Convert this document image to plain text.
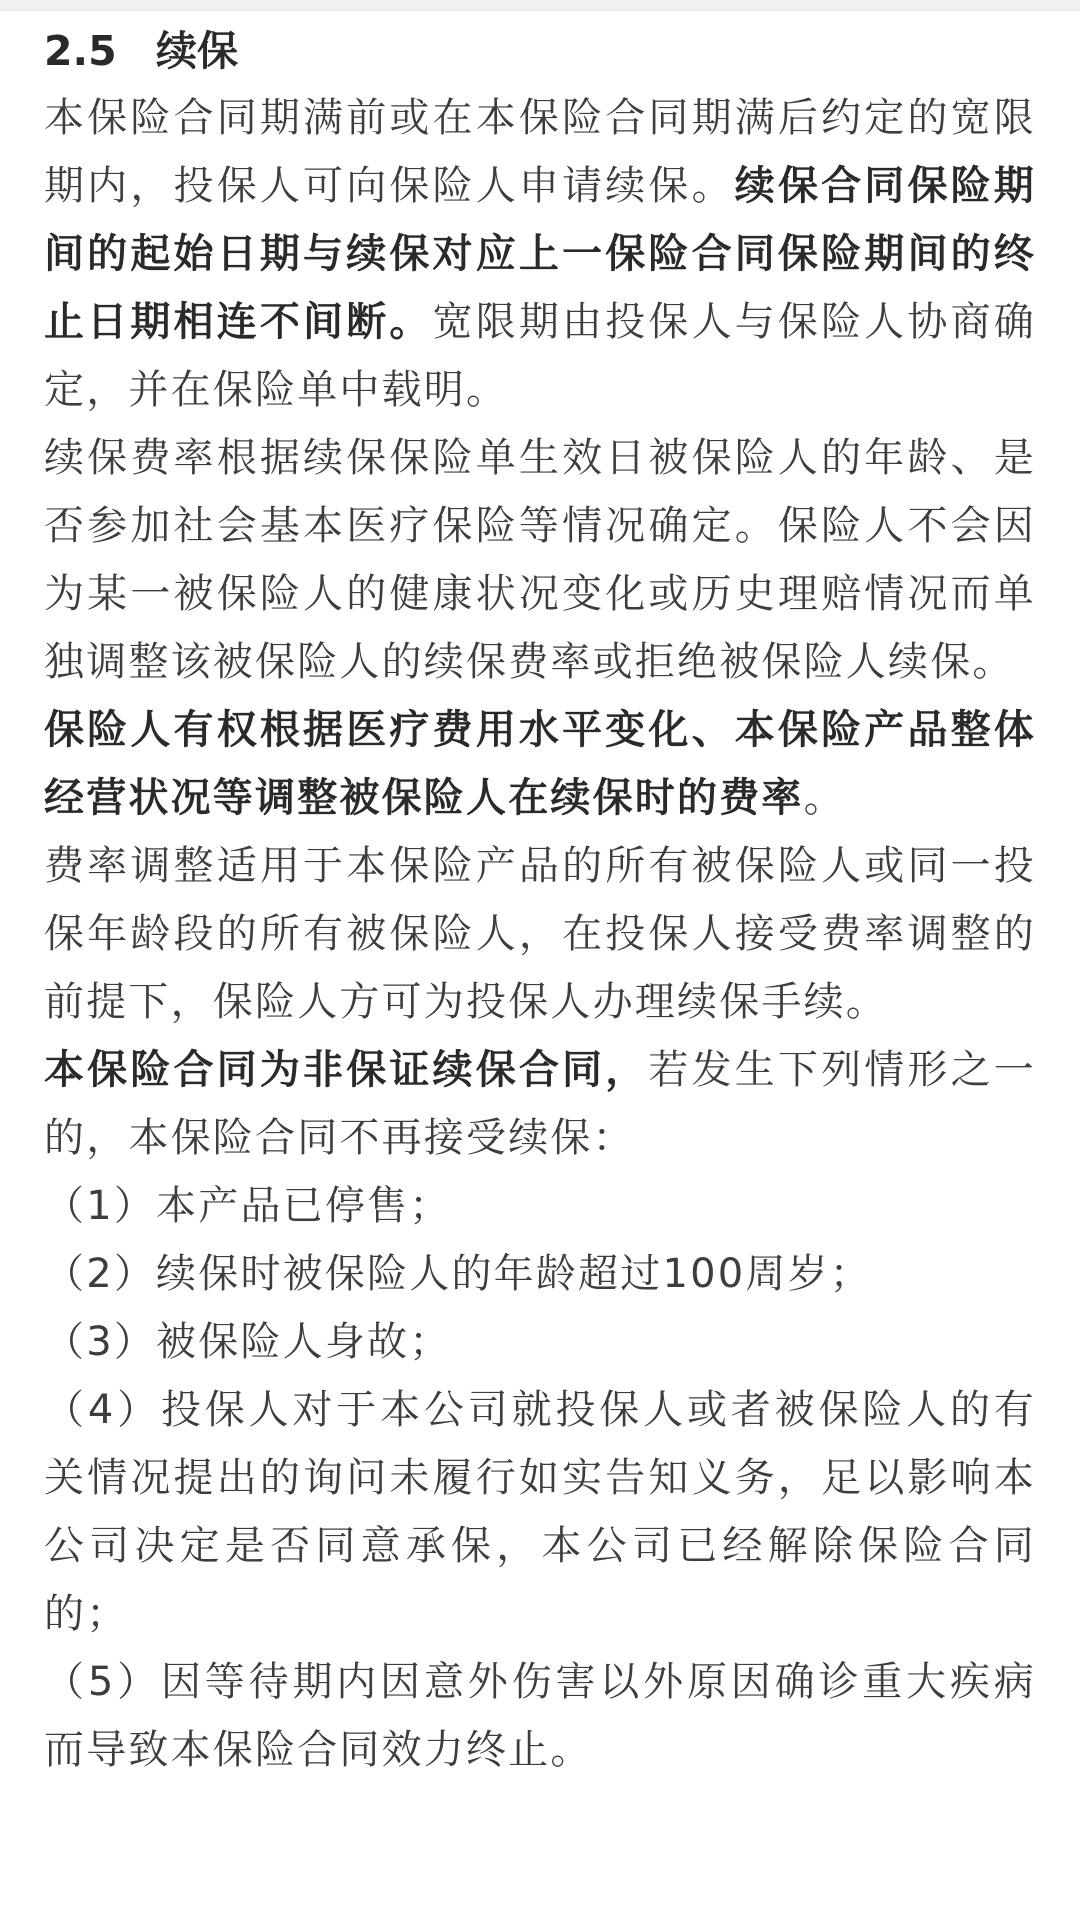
2.5 续保

本保险合同期满前或在本保险合同期满后约定的宽限期内，投保人可向保险人申请续保。续保合同保险期间的起始日期与续保对应上一保险合同保险期间的终止日期相连不间断。宽限期由投保人与保险人协商确定，并在保险单中载明。

续保费率根据续保保险单生效日被保险人的年龄、是否参加社会基本医疗保险等情况确定。保险人不会因为某一被保险人的健康状况变化或历史理赔情况而单独调整该被保险人的续保费率或拒绝被保险人续保。

保险人有权根据医疗费用水平变化、本保险产品整体经营状况等调整被保险人在续保时的费率。

费率调整适用于本保险产品的所有被保险人或同一投保年龄段的所有被保险人，在投保人接受费率调整的前提下，保险人方可为投保人办理续保手续。

本保险合同为非保证续保合同，若发生下列情形之一的，本保险合同不再接受续保：

（1）本产品已停售；

（2）续保时被保险人的年龄超过100周岁；

（3）被保险人身故；

（4）投保人对于本公司就投保人或者被保险人的有关情况提出的询问未履行如实告知义务，足以影响本公司决定是否同意承保，本公司已经解除保险合同的；

（5）因等待期内因意外伤害以外原因确诊重大疾病而导致本保险合同效力终止。
